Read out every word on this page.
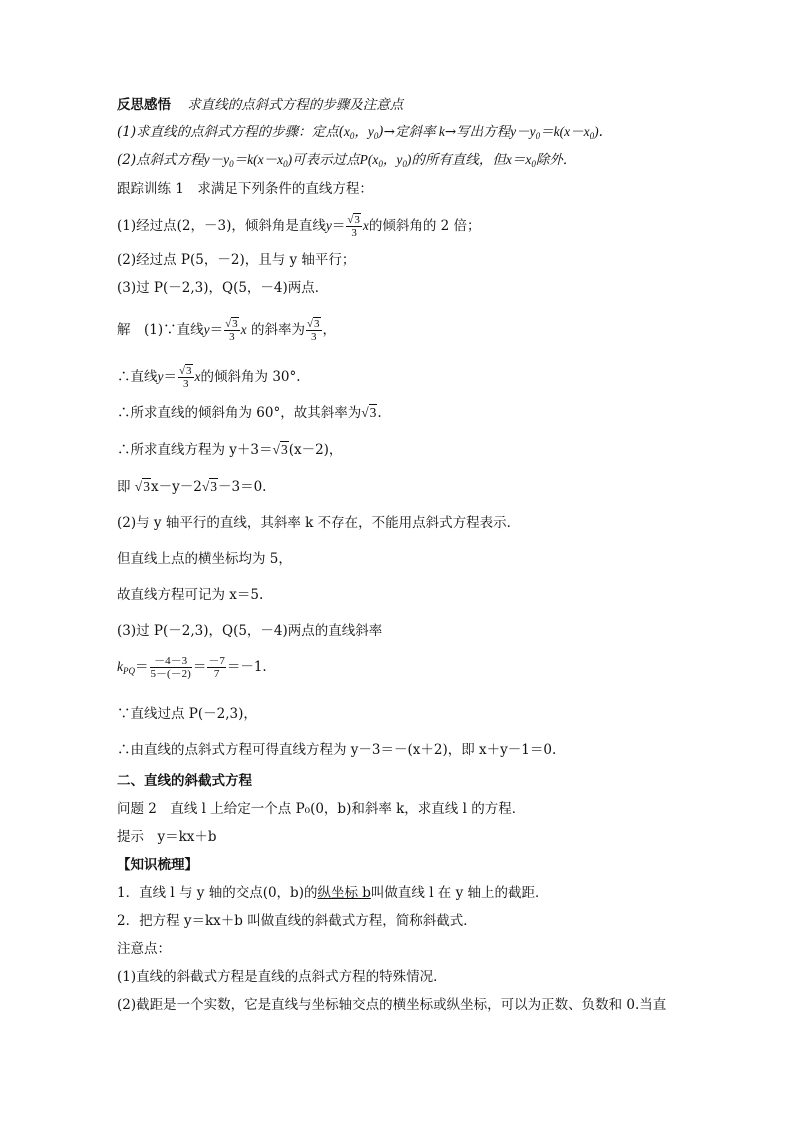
反思感悟 求直线的点斜式方程的步骤及注意点
(1)求直线的点斜式方程的步骤：定点($x_0$，$y_0)\to$定斜率 k→写出方程$y-y_0=k(x-x_0)$.
(2)点斜式方程$y-y_0=k(x-x_0)$可表示过点$P(x_0$，$y_0$)的所有直线，但$x=x_0$除外．
跟踪训练 1　求满足下列条件的直线方程：
(1)经过点(2，－3)，倾斜角是直线$y= \frac{√3}{3}$ x的倾斜角的 2 倍；
(2)经过点 P(5，－2)，且与 y 轴平行；
(3)过 P(－2,3)，Q(5，－4)两点．
解　(1)∵直线$y= \frac{√3}{3}$ x 的斜率为 $\frac{√3}{3}$ ，
∴直线$y= \frac{√3}{3}$ x的倾斜角为 30°.
∴所求直线的倾斜角为 60°，故其斜率为√3.
∴所求直线方程为 y＋3＝√3(x－2)，
即 √3x－y－2√3－3＝0.
(2)与 y 轴平行的直线，其斜率 k 不存在，不能用点斜式方程表示．
但直线上点的横坐标均为 5，
故直线方程可记为 x＝5.
(3)过 P(－2,3)，Q(5，－4)两点的直线斜率
$k_{PQ}= \frac{-4-3}{5-(-2)} = \frac{-7}{7} =-1$.
∵直线过点 P(－2,3)，
∴由直线的点斜式方程可得直线方程为 y－3＝－(x＋2)，即 x＋y－1＝0.
二、直线的斜截式方程
问题 2　直线 l 上给定一个点 P₀(0，b)和斜率 k，求直线 l 的方程．
提示　y＝kx＋b
【知识梳理】
1．直线 l 与 y 轴的交点(0，b)的纵坐标 b叫做直线 l 在 y 轴上的截距．
2．把方程 y＝kx＋b 叫做直线的斜截式方程，简称斜截式．
注意点：
(1)直线的斜截式方程是直线的点斜式方程的特殊情况．
(2)截距是一个实数，它是直线与坐标轴交点的横坐标或纵坐标，可以为正数、负数和 0.当直
